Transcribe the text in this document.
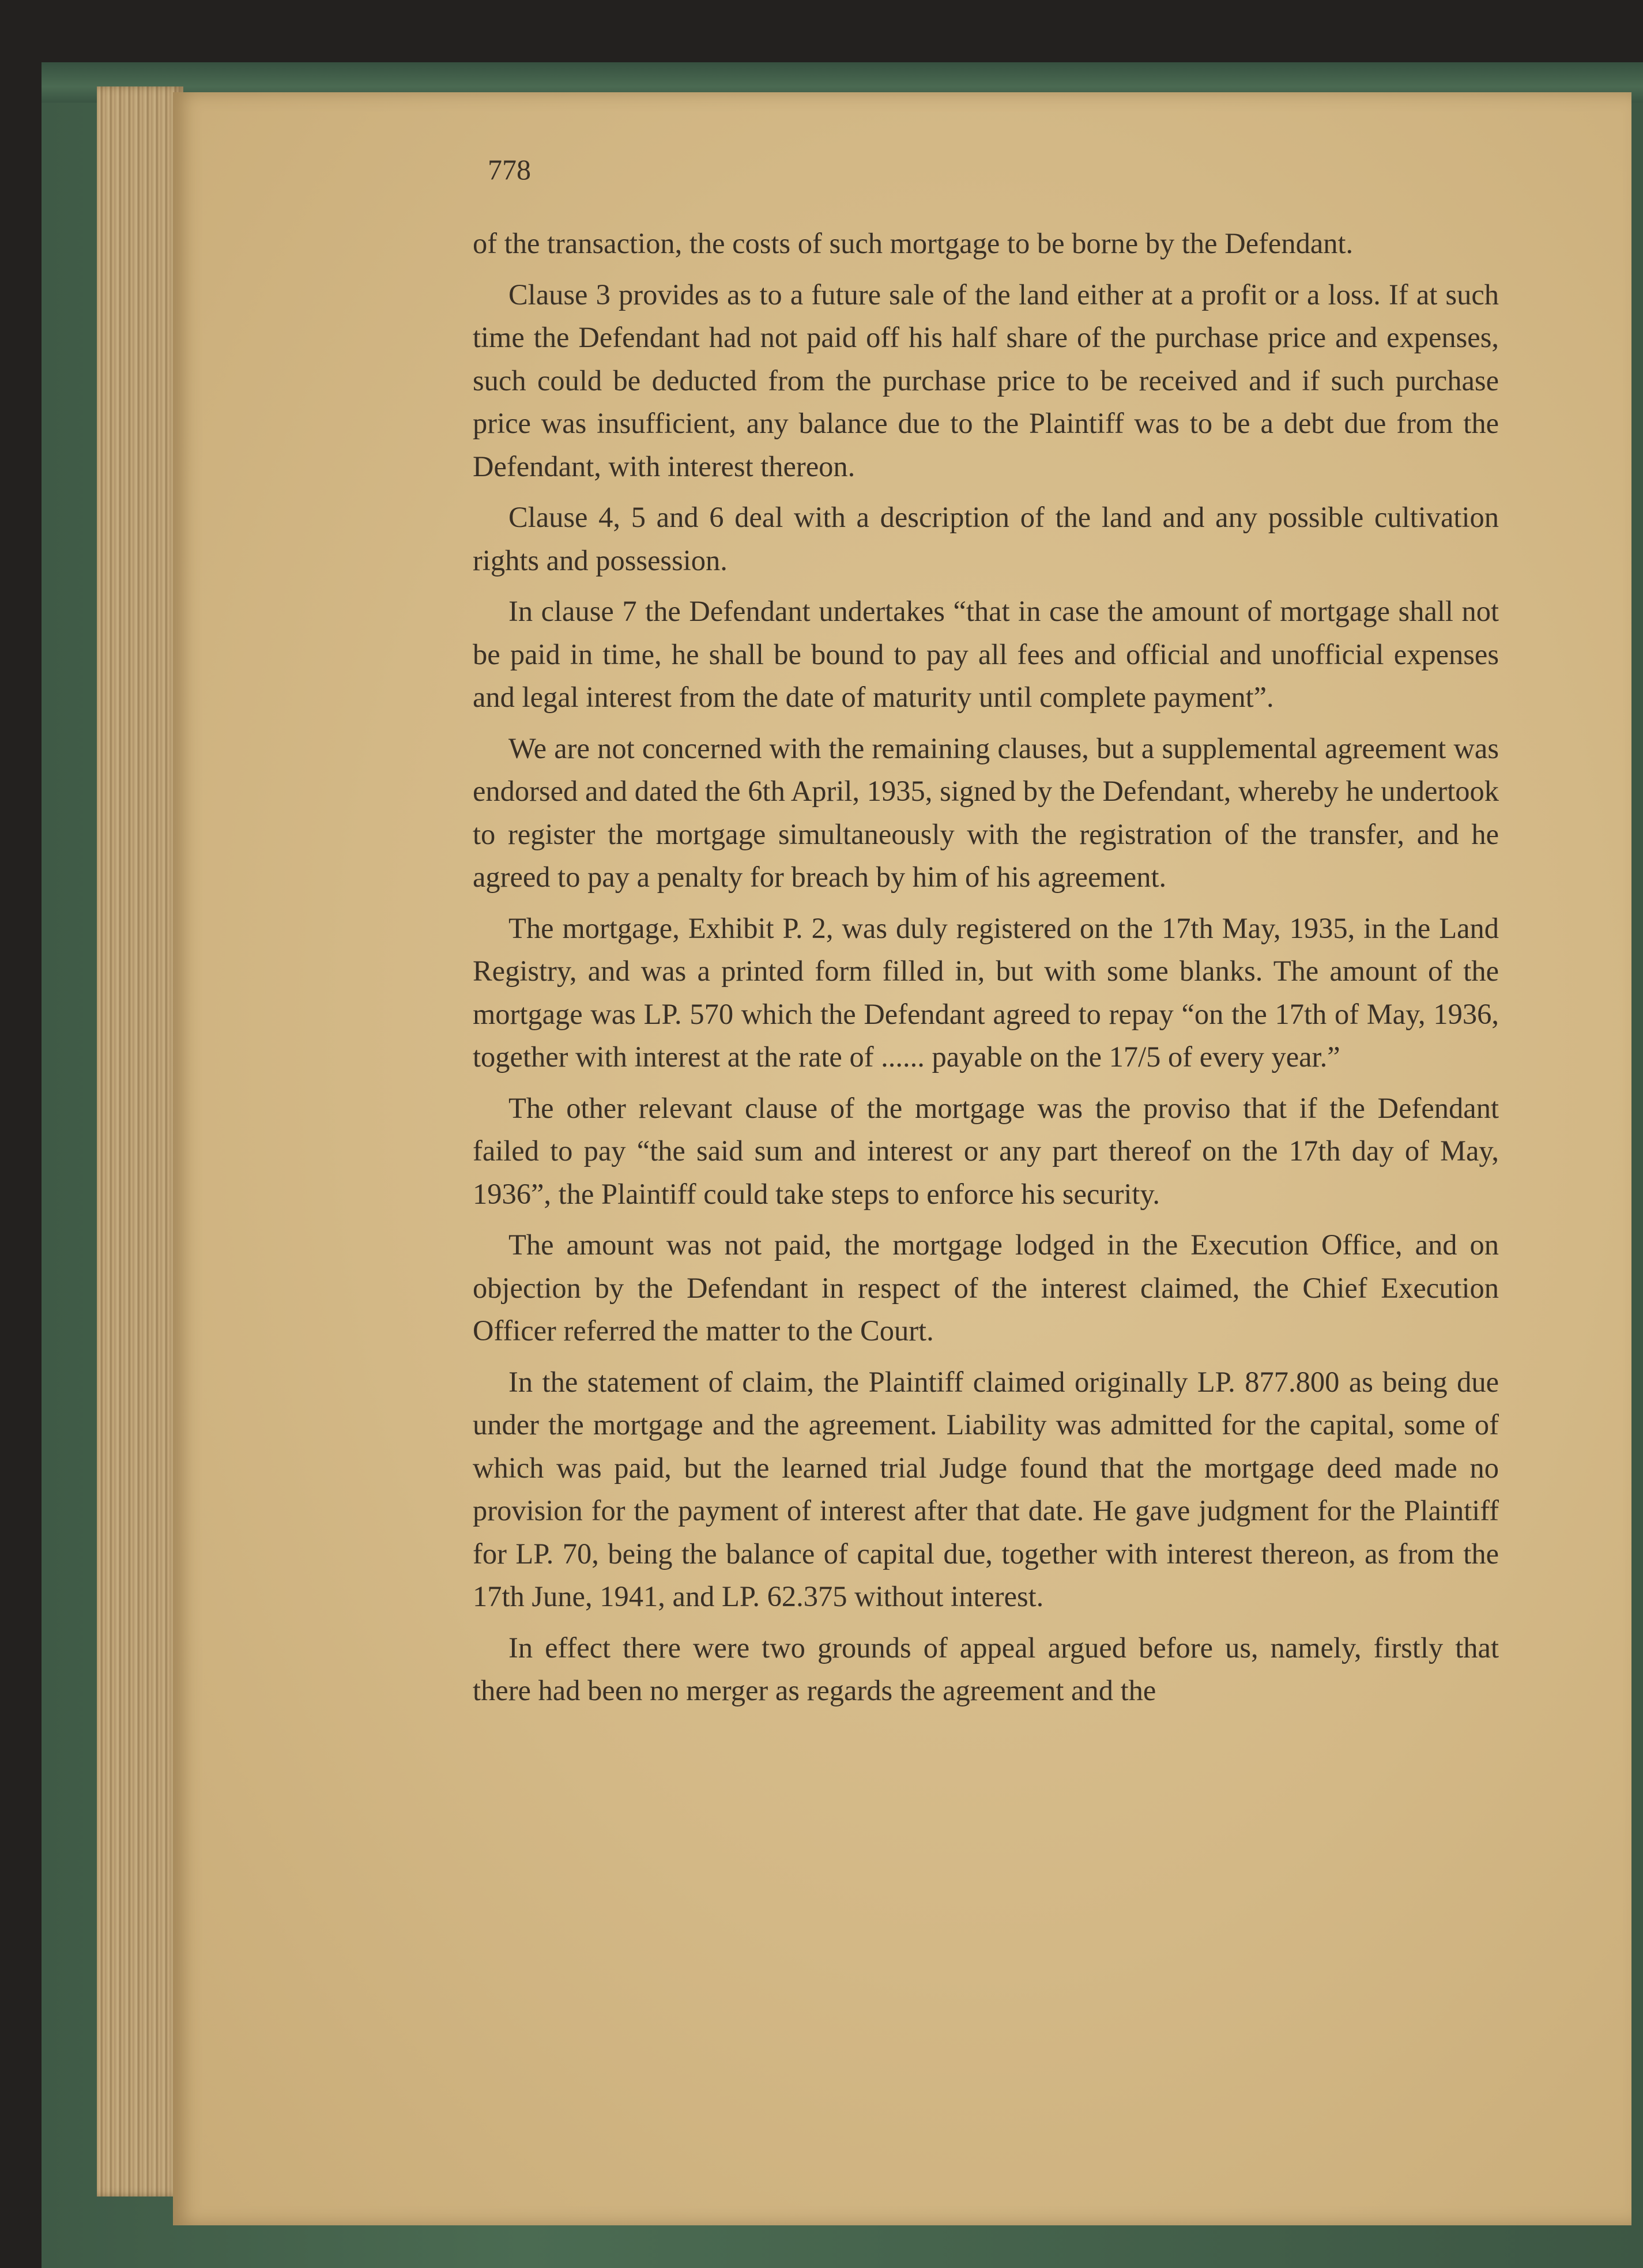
778

of the transaction, the costs of such mortgage to be borne by the Defendant.

Clause 3 provides as to a future sale of the land either at a profit or a loss. If at such time the Defendant had not paid off his half share of the purchase price and expenses, such could be deducted from the purchase price to be received and if such purchase price was insufficient, any balance due to the Plaintiff was to be a debt due from the Defendant, with interest thereon.

Clause 4, 5 and 6 deal with a description of the land and any possible cultivation rights and possession.

In clause 7 the Defendant undertakes “that in case the amount of mortgage shall not be paid in time, he shall be bound to pay all fees and official and unofficial expenses and legal interest from the date of maturity until complete payment”.

We are not concerned with the remaining clauses, but a supplemental agreement was endorsed and dated the 6th April, 1935, signed by the Defendant, whereby he undertook to register the mortgage simultaneously with the registration of the transfer, and he agreed to pay a penalty for breach by him of his agreement.

The mortgage, Exhibit P. 2, was duly registered on the 17th May, 1935, in the Land Registry, and was a printed form filled in, but with some blanks. The amount of the mortgage was LP. 570 which the Defendant agreed to repay “on the 17th of May, 1936, together with interest at the rate of ...... payable on the 17/5 of every year.”

The other relevant clause of the mortgage was the proviso that if the Defendant failed to pay “the said sum and interest or any part thereof on the 17th day of May, 1936”, the Plaintiff could take steps to enforce his security.

The amount was not paid, the mortgage lodged in the Execution Office, and on objection by the Defendant in respect of the interest claimed, the Chief Execution Officer referred the matter to the Court.

In the statement of claim, the Plaintiff claimed originally LP. 877.800 as being due under the mortgage and the agreement. Liability was admitted for the capital, some of which was paid, but the learned trial Judge found that the mortgage deed made no provision for the payment of interest after that date. He gave judgment for the Plaintiff for LP. 70, being the balance of capital due, together with interest thereon, as from the 17th June, 1941, and LP. 62.375 without interest.

In effect there were two grounds of appeal argued before us, namely, firstly that there had been no merger as regards the agreement and the
